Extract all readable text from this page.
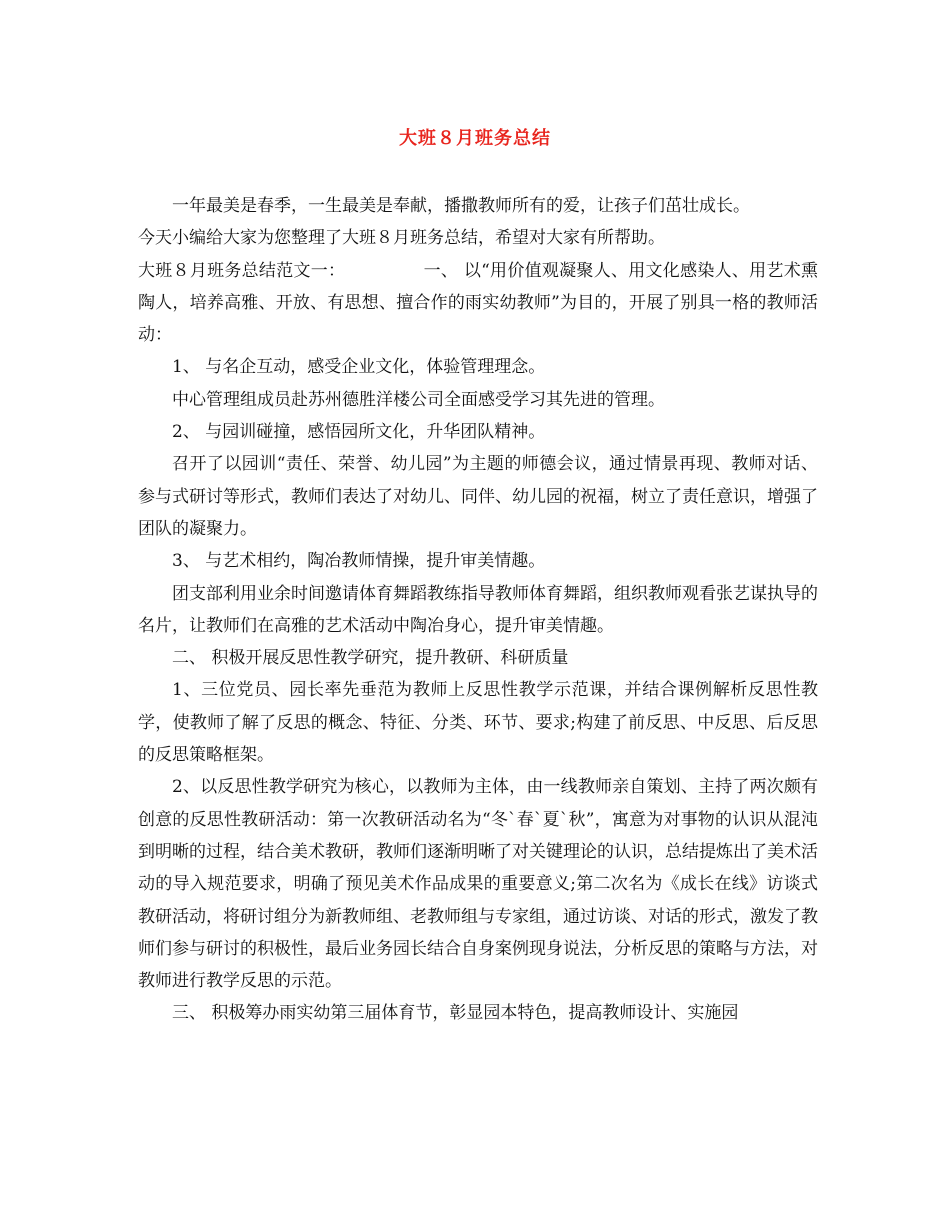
大班８月班务总结

一年最美是春季，一生最美是奉献，播撒教师所有的爱，让孩子们茁壮成长。

今天小编给大家为您整理了大班８月班务总结，希望对大家有所帮助。

大班８月班务总结范文一：	一、 以“用价值观凝聚人、用文化感染人、用艺术熏陶人，培养高雅、开放、有思想、擅合作的雨实幼教师”为目的，开展了别具一格的教师活动：

1、 与名企互动，感受企业文化，体验管理理念。

中心管理组成员赴苏州德胜洋楼公司全面感受学习其先进的管理。

2、 与园训碰撞，感悟园所文化，升华团队精神。

召开了以园训“责任、荣誉、幼儿园”为主题的师德会议，通过情景再现、教师对话、参与式研讨等形式，教师们表达了对幼儿、同伴、幼儿园的祝福，树立了责任意识，增强了团队的凝聚力。

3、 与艺术相约，陶冶教师情操，提升审美情趣。

团支部利用业余时间邀请体育舞蹈教练指导教师体育舞蹈，组织教师观看张艺谋执导的名片，让教师们在高雅的艺术活动中陶冶身心，提升审美情趣。

二、 积极开展反思性教学研究，提升教研、科研质量

1、三位党员、园长率先垂范为教师上反思性教学示范课，并结合课例解析反思性教学，使教师了解了反思的概念、特征、分类、环节、要求;构建了前反思、中反思、后反思的反思策略框架。

2、以反思性教学研究为核心，以教师为主体，由一线教师亲自策划、主持了两次颇有创意的反思性教研活动：第一次教研活动名为“冬`春`夏`秋”，寓意为对事物的认识从混沌到明晰的过程，结合美术教研，教师们逐渐明晰了对关键理论的认识，总结提炼出了美术活动的导入规范要求，明确了预见美术作品成果的重要意义;第二次名为《成长在线》访谈式教研活动，将研讨组分为新教师组、老教师组与专家组，通过访谈、对话的形式，激发了教师们参与研讨的积极性，最后业务园长结合自身案例现身说法，分析反思的策略与方法，对教师进行教学反思的示范。

三、 积极筹办雨实幼第三届体育节，彰显园本特色，提高教师设计、实施园
